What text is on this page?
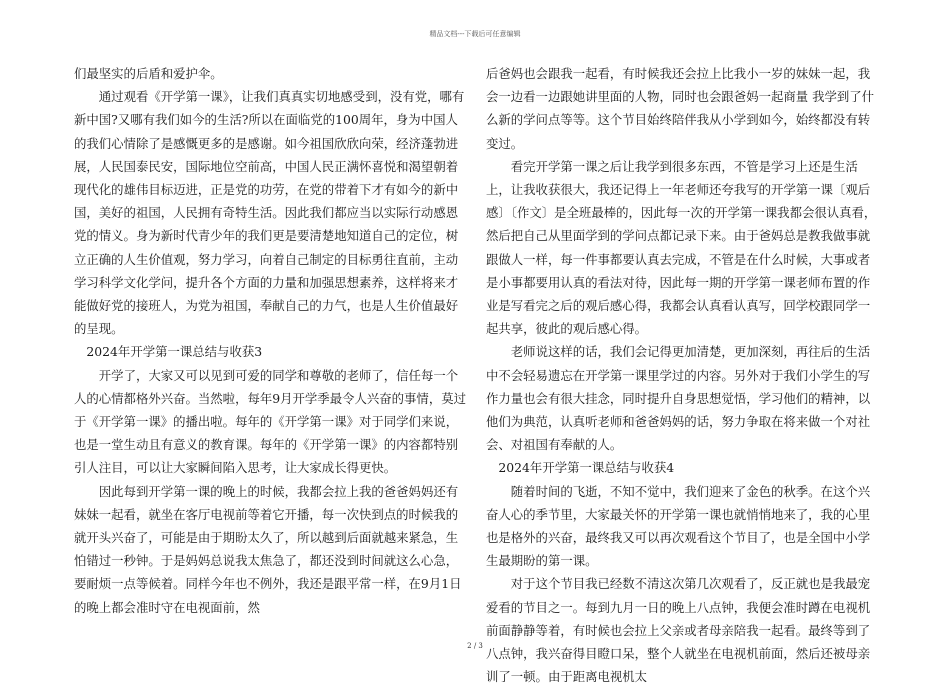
精品文档---下载后可任意编辑

们最坚实的后盾和爱护伞。

通过观看《开学第一课》，让我们真真实切地感受到，没有党，哪有新中国?又哪有我们如今的生活?所以在面临党的100周年，身为中国人的我们心情除了是感慨更多的是感谢。如今祖国欣欣向荣，经济蓬勃进展，人民国泰民安，国际地位空前高，中国人民正满怀喜悦和渴望朝着现代化的雄伟目标迈进，正是党的功劳，在党的带着下才有如今的新中国，美好的祖国，人民拥有奇特生活。因此我们都应当以实际行动感恩党的情义。身为新时代青少年的我们更是要清楚地知道自己的定位，树立正确的人生价值观，努力学习，向着自己制定的目标勇往直前，主动学习科学文化学问，提升各个方面的力量和加强思想素养，这样将来才能做好党的接班人，为党为祖国，奉献自己的力气，也是人生价值最好的呈现。

2024年开学第一课总结与收获3

开学了，大家又可以见到可爱的同学和尊敬的老师了，信任每一个人的心情都格外兴奋。当然啦，每年9月开学季最令人兴奋的事情，莫过于《开学第一课》的播出啦。每年的《开学第一课》对于同学们来说，也是一堂生动且有意义的教育课。每年的《开学第一课》的内容都特别　　引人注目，可以让大家瞬间陷入思考，让大家成长得更快。

因此每到开学第一课的晚上的时候，我都会拉上我的爸爸妈妈还有妹妹一起看，就坐在客厅电视前等着它开播，每一次快到点的时候我的就开头兴奋了，可能是由于期盼太久了，所以越到后面就越来紧急，生怕错过一秒钟。于是妈妈总说我太焦急了，都还没到时间就这么心急，要耐烦一点等候着。同样今年也不例外，我还是跟平常一样，在9月1日的晚上都会准时守在电视面前，然

后爸妈也会跟我一起看，有时候我还会拉上比我小一岁的妹妹一起，我会一边看一边跟她讲里面的人物，同时也会跟爸妈一起商量 我学到了什么新的学问点等等。这个节目始终陪伴我从小学到如今，始终都没有转变过。

看完开学第一课之后让我学到很多东西，不管是学习上还是生活上，让我收获很大，我还记得上一年老师还夸我写的开学第一课〔观后感〕〔作文〕是全班最棒的，因此每一次的开学第一课我都会很认真看，然后把自己从里面学到的学问点都记录下来。由于爸妈总是教我做事就跟做人一样，每一件事都要认真去完成，不管是在什么时候，大事或者是小事都要用认真的看法对待，因此每一期的开学第一课老师布置的作业是写看完之后的观后感心得，我都会认真看认真写，回学校跟同学一起共享，彼此的观后感心得。

老师说这样的话，我们会记得更加清楚，更加深刻，再往后的生活中不会轻易遗忘在开学第一课里学过的内容。另外对于我们小学生的写作力量也会有很大挂念，同时提升自身思想觉悟，学习他们的精神，以他们为典范，认真听老师和爸爸妈妈的话，努力争取在将来做一个对社会、对祖国有奉献的人。

2024年开学第一课总结与收获4

随着时间的飞逝，不知不觉中，我们迎来了金色的秋季。在这个兴奋人心的季节里，大家最关怀的开学第一课也就悄悄地来了，我的心里也是格外的兴奋，最终我又可以再次观看这个节目了，也是全国中小学生最期盼的第一课。

对于这个节目我已经数不清这次第几次观看了，反正就也是我最宠爱看的节目之一。每到九月一日的晚上八点钟，我便会准时蹲在电视机前面静静等着，有时候也会拉上父亲或者母亲陪我一起看。最终等到了八点钟，我兴奋得目瞪口呆，整个人就坐在电视机前面，然后还被母亲训了一顿。由于距离电视机太

2 / 3
